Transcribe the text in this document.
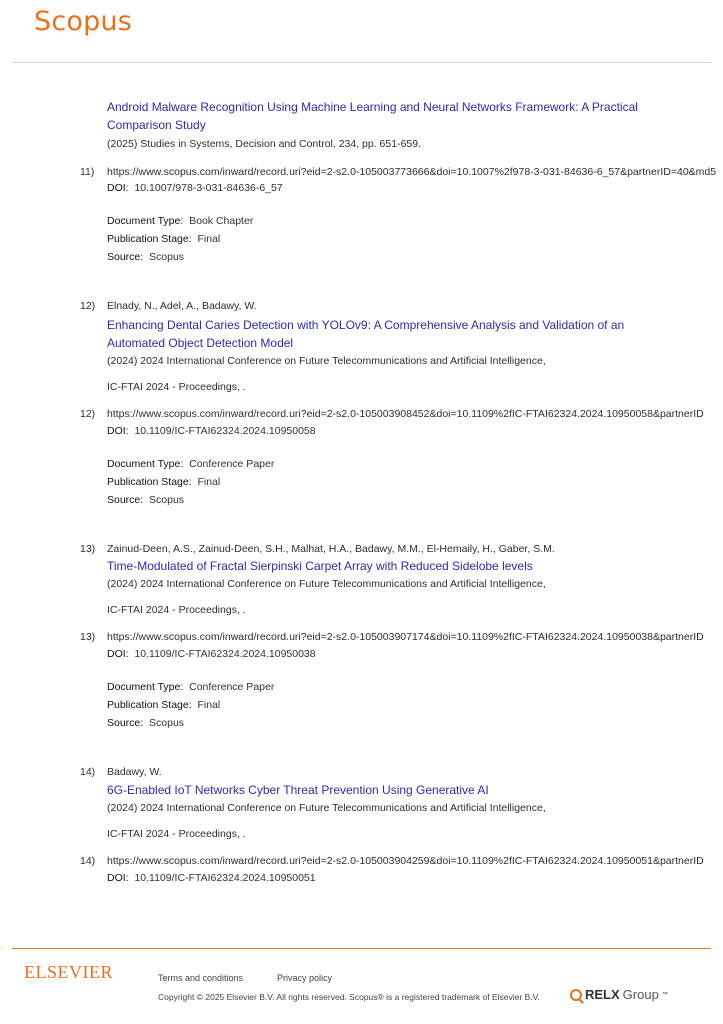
Scopus
Android Malware Recognition Using Machine Learning and Neural Networks Framework: A Practical Comparison Study
(2025) Studies in Systems, Decision and Control, 234, pp. 651-659.
11) https://www.scopus.com/inward/record.uri?eid=2-s2.0-105003773666&doi=10.1007%2f978-3-031-84636-6_57&partnerID=40&md5
DOI: 10.1007/978-3-031-84636-6_57
Document Type: Book Chapter
Publication Stage: Final
Source: Scopus
12) Elnady, N., Adel, A., Badawy, W.
Enhancing Dental Caries Detection with YOLOv9: A Comprehensive Analysis and Validation of an Automated Object Detection Model
(2024) 2024 International Conference on Future Telecommunications and Artificial Intelligence,
IC-FTAI 2024 - Proceedings, .
12) https://www.scopus.com/inward/record.uri?eid=2-s2.0-105003908452&doi=10.1109%2fIC-FTAI62324.2024.10950058&partnerID
DOI: 10.1109/IC-FTAI62324.2024.10950058
Document Type: Conference Paper
Publication Stage: Final
Source: Scopus
13) Zainud-Deen, A.S., Zainud-Deen, S.H., Malhat, H.A., Badawy, M.M., El-Hemaily, H., Gaber, S.M.
Time-Modulated of Fractal Sierpinski Carpet Array with Reduced Sidelobe levels
(2024) 2024 International Conference on Future Telecommunications and Artificial Intelligence,
IC-FTAI 2024 - Proceedings, .
13) https://www.scopus.com/inward/record.uri?eid=2-s2.0-105003907174&doi=10.1109%2fIC-FTAI62324.2024.10950038&partnerID
DOI: 10.1109/IC-FTAI62324.2024.10950038
Document Type: Conference Paper
Publication Stage: Final
Source: Scopus
14) Badawy, W.
6G-Enabled IoT Networks Cyber Threat Prevention Using Generative AI
(2024) 2024 International Conference on Future Telecommunications and Artificial Intelligence,
IC-FTAI 2024 - Proceedings, .
14) https://www.scopus.com/inward/record.uri?eid=2-s2.0-105003904259&doi=10.1109%2fIC-FTAI62324.2024.10950051&partnerID
DOI: 10.1109/IC-FTAI62324.2024.10950051
ELSEVIER	Terms and conditions	Privacy policy
Copyright © 2025 Elsevier B.V. All rights reserved. Scopus® is a registered trademark of Elsevier B.V.	RELX Group ™
